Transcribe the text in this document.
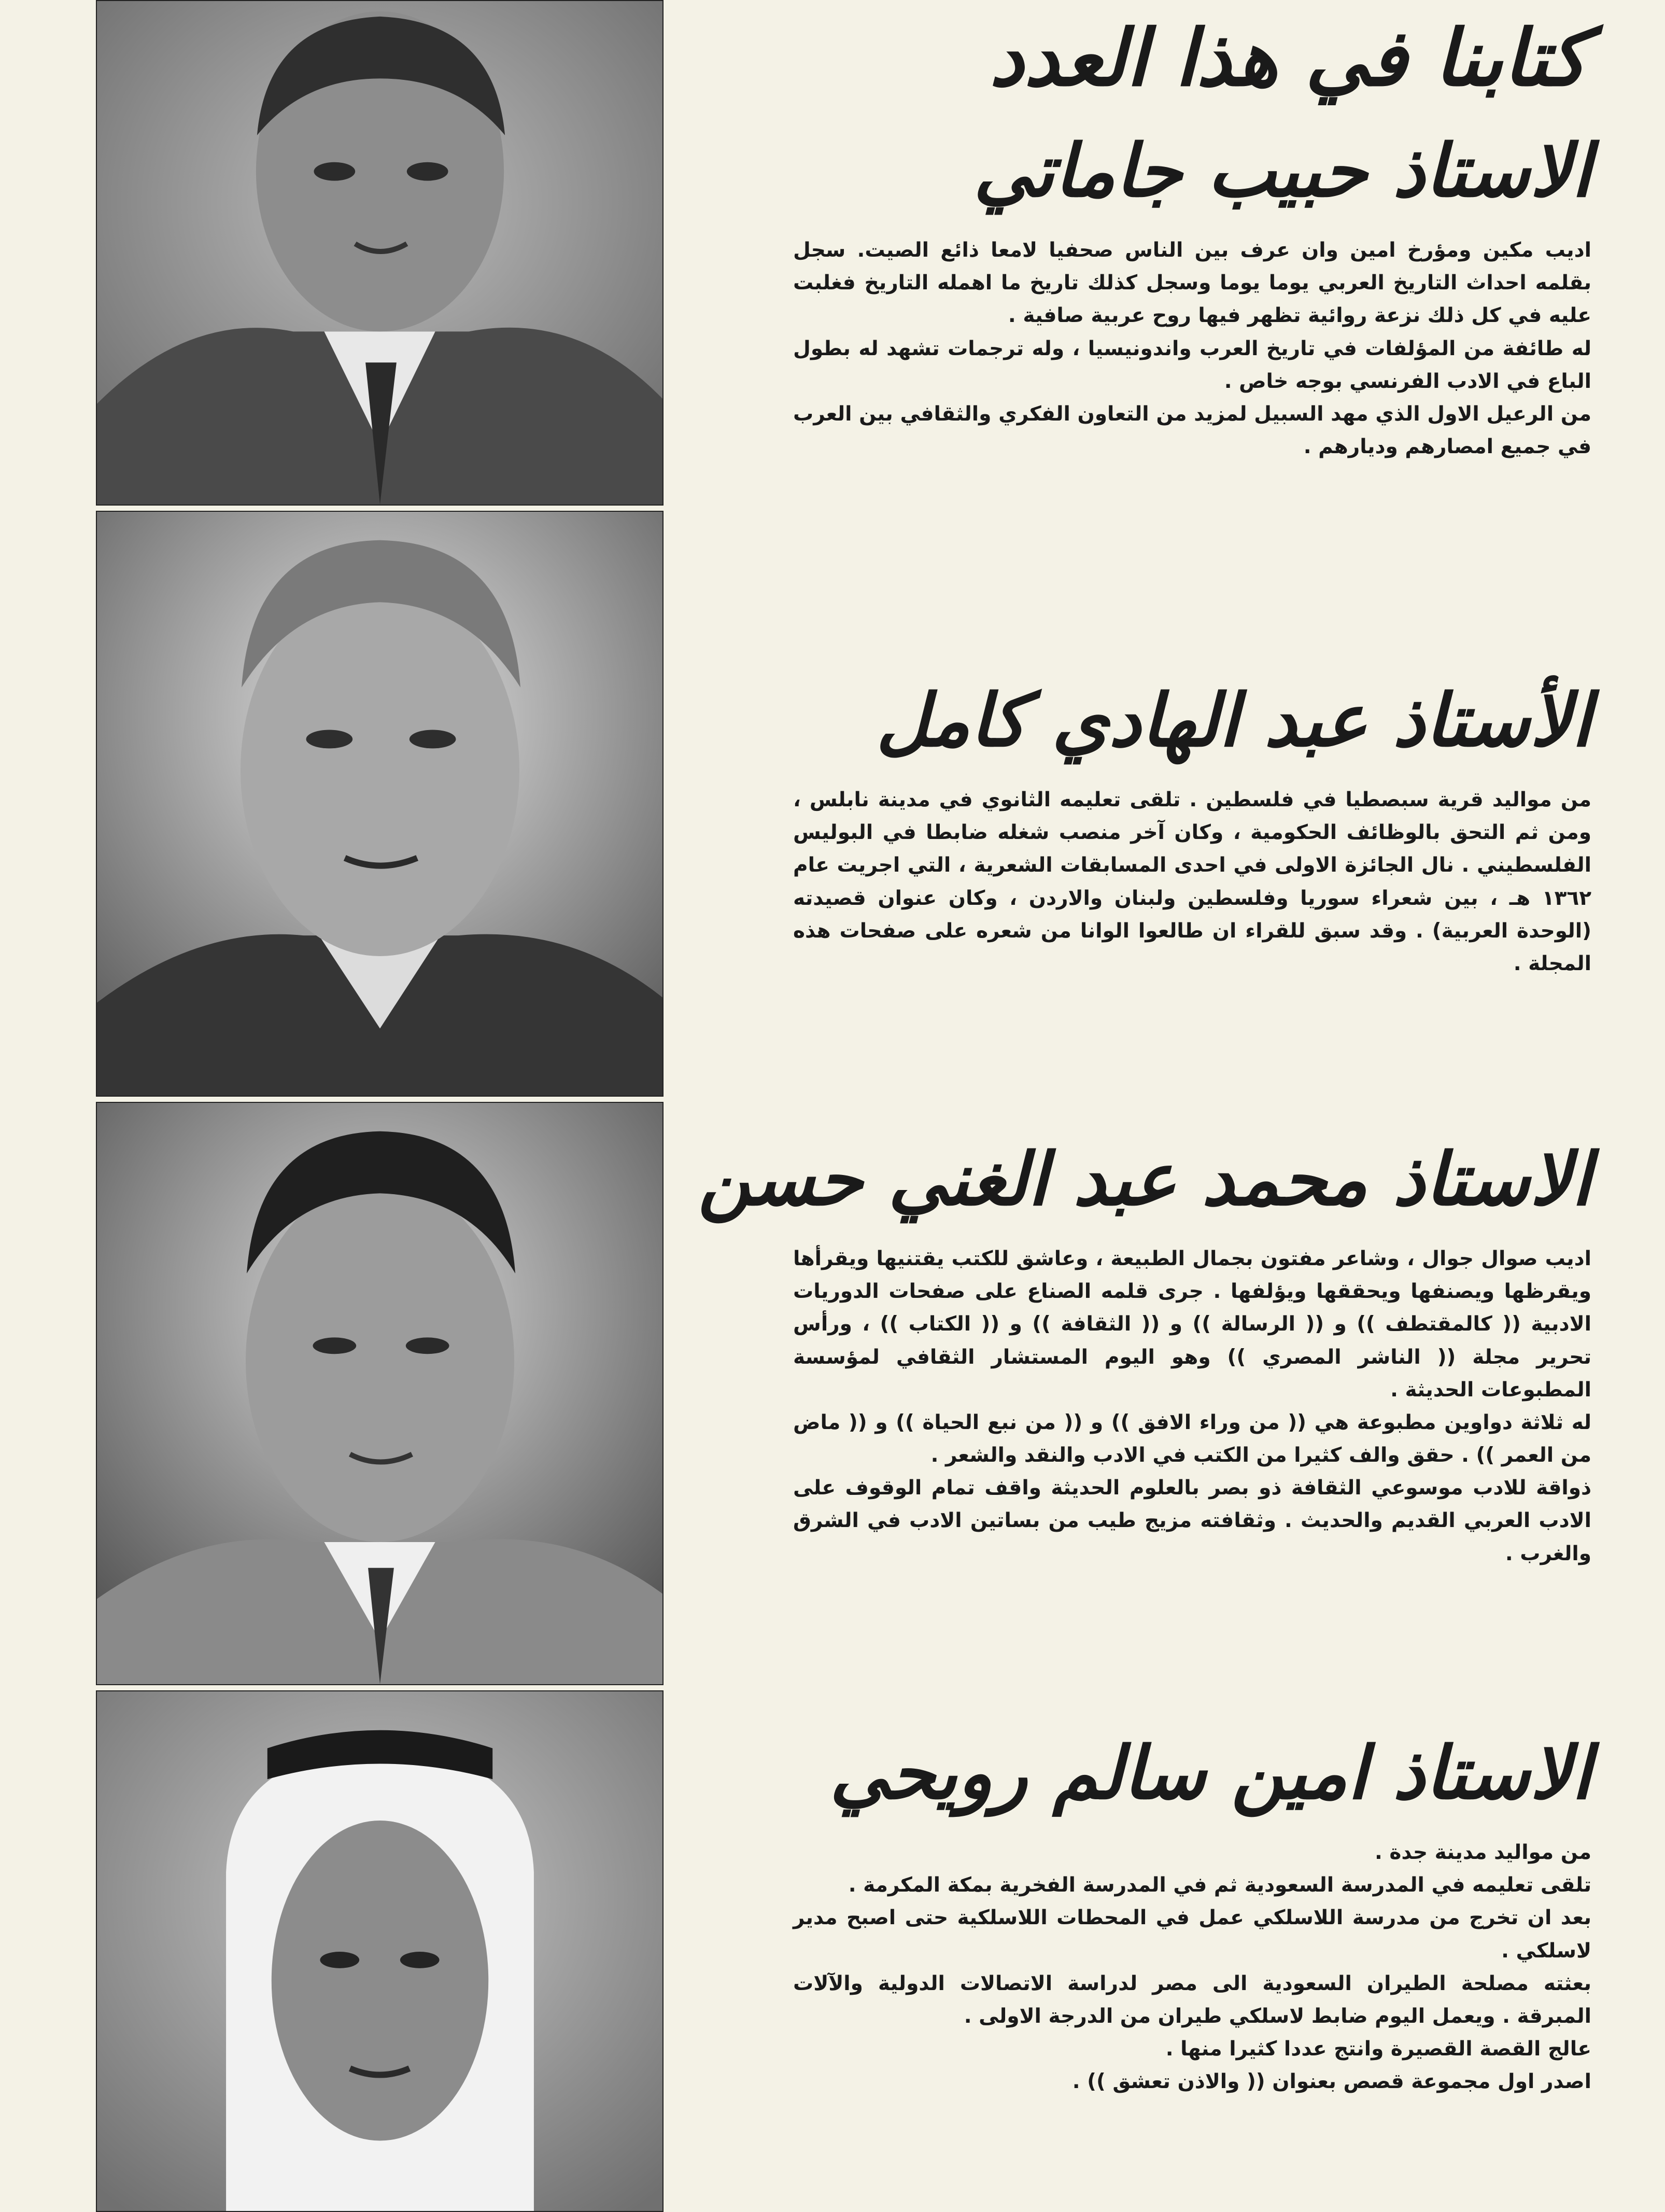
كتابنا في هذا العدد
الاستاذ حبيب جاماتي

اديب مكين ومؤرخ امين وان عرف بين الناس صحفيا لامعا ذائع الصيت. سجل بقلمه احداث التاريخ العربي يوما يوما وسجل كذلك تاريخ ما اهمله التاريخ فغلبت عليه في كل ذلك نزعة روائية تظهر فيها روح عربية صافية .

له طائفة من المؤلفات في تاريخ العرب واندونيسيا ، وله ترجمات تشهد له بطول الباع في الادب الفرنسي بوجه خاص .

من الرعيل الاول الذي مهد السبيل لمزيد من التعاون الفكري والثقافي بين العرب في جميع امصارهم وديارهم .

الأستاذ عبد الهادي كامل

من مواليد قرية سبصطيا في فلسطين . تلقى تعليمه الثانوي في مدينة نابلس ، ومن ثم التحق بالوظائف الحكومية ، وكان آخر منصب شغله ضابطا في البوليس الفلسطيني . نال الجائزة الاولى في احدى المسابقات الشعرية ، التي اجريت عام ١٣٦٢ هـ ، بين شعراء سوريا وفلسطين ولبنان والاردن ، وكان عنوان قصيدته (الوحدة العربية) . وقد سبق للقراء ان طالعوا الوانا من شعره على صفحات هذه المجلة .

الاستاذ محمد عبد الغني حسن

اديب صوال جوال ، وشاعر مفتون بجمال الطبيعة ، وعاشق للكتب يقتنيها ويقرأها ويقرظها ويصنفها ويحققها ويؤلفها . جرى قلمه الصناع على صفحات الدوريات الادبية (( كالمقتطف )) و (( الرسالة )) و (( الثقافة )) و (( الكتاب )) ، ورأس تحرير مجلة (( الناشر المصري )) وهو اليوم المستشار الثقافي لمؤسسة المطبوعات الحديثة .

له ثلاثة دواوين مطبوعة هي (( من وراء الافق )) و (( من نبع الحياة )) و (( ماض من العمر )) . حقق والف كثيرا من الكتب في الادب والنقد والشعر .

ذواقة للادب موسوعي الثقافة ذو بصر بالعلوم الحديثة واقف تمام الوقوف على الادب العربي القديم والحديث . وثقافته مزيج طيب من بساتين الادب في الشرق والغرب .

الاستاذ امين سالم رويحي

من مواليد مدينة جدة .

تلقى تعليمه في المدرسة السعودية ثم في المدرسة الفخرية بمكة المكرمة .

بعد ان تخرج من مدرسة اللاسلكي عمل في المحطات اللاسلكية حتى اصبح مدير لاسلكي .

بعثته مصلحة الطيران السعودية الى مصر لدراسة الاتصالات الدولية والآلات المبرقة . ويعمل اليوم ضابط لاسلكي طيران من الدرجة الاولى .

عالج القصة القصيرة وانتج عددا كثيرا منها .

اصدر اول مجموعة قصص بعنوان (( والاذن تعشق )) .
